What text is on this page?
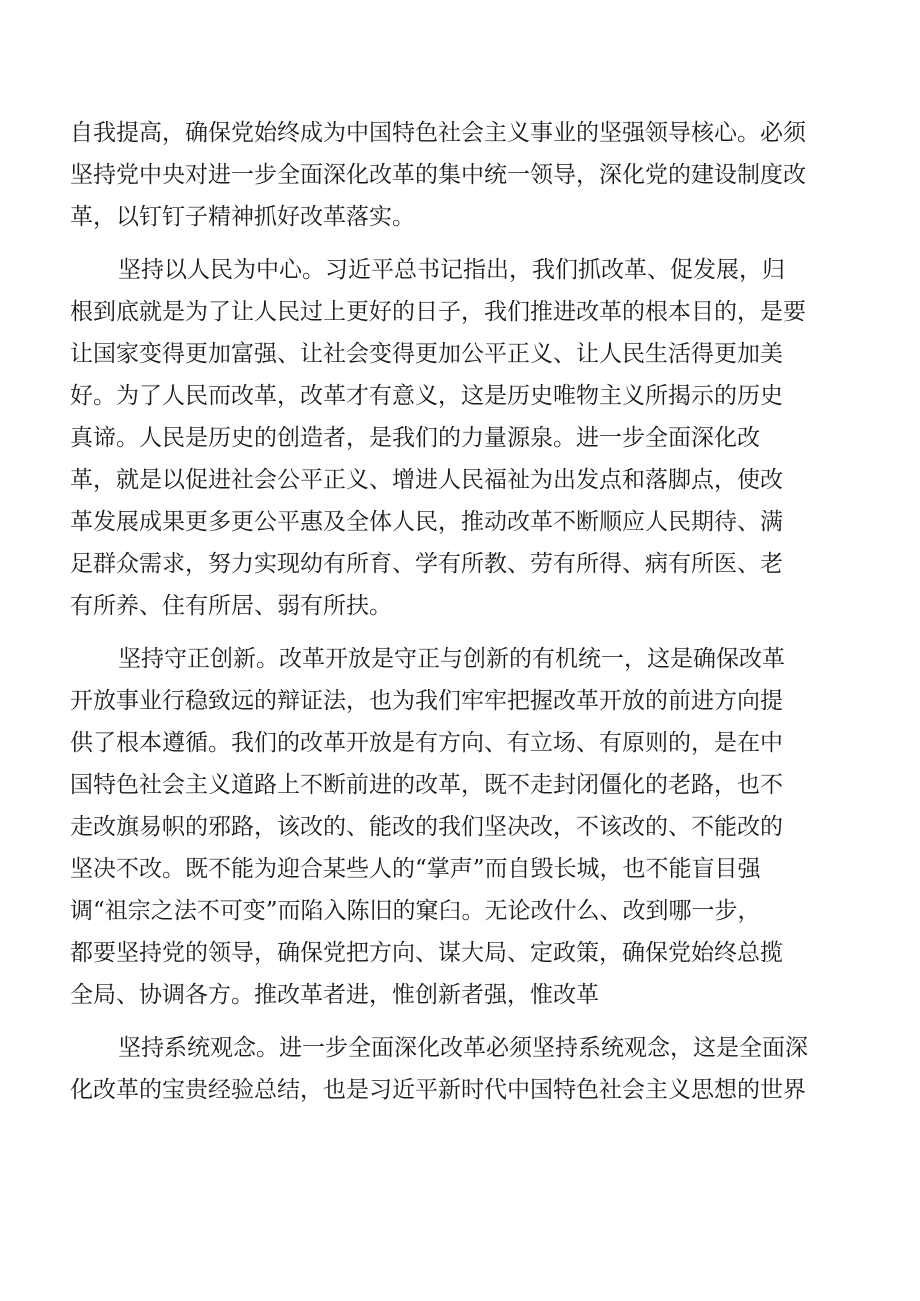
自我提高，确保党始终成为中国特色社会主义事业的坚强领导核心。必须
坚持党中央对进一步全面深化改革的集中统一领导，深化党的建设制度改
革，以钉钉子精神抓好改革落实。
坚持以人民为中心。习近平总书记指出，我们抓改革、促发展，归
根到底就是为了让人民过上更好的日子，我们推进改革的根本目的，是要
让国家变得更加富强、让社会变得更加公平正义、让人民生活得更加美
好。为了人民而改革，改革才有意义，这是历史唯物主义所揭示的历史
真谛。人民是历史的创造者，是我们的力量源泉。进一步全面深化改
革，就是以促进社会公平正义、增进人民福祉为出发点和落脚点，使改
革发展成果更多更公平惠及全体人民，推动改革不断顺应人民期待、满
足群众需求，努力实现幼有所育、学有所教、劳有所得、病有所医、老
有所养、住有所居、弱有所扶。
坚持守正创新。改革开放是守正与创新的有机统一，这是确保改革
开放事业行稳致远的辩证法，也为我们牢牢把握改革开放的前进方向提
供了根本遵循。我们的改革开放是有方向、有立场、有原则的，是在中
国特色社会主义道路上不断前进的改革，既不走封闭僵化的老路，也不
走改旗易帜的邪路，该改的、能改的我们坚决改，不该改的、不能改的
坚决不改。既不能为迎合某些人的“掌声”而自毁长城，也不能盲目强
调“祖宗之法不可变”而陷入陈旧的窠臼。无论改什么、改到哪一步，
都要坚持党的领导，确保党把方向、谋大局、定政策，确保党始终总揽
全局、协调各方。推改革者进，惟创新者强，惟改革
坚持系统观念。进一步全面深化改革必须坚持系统观念，这是全面深
化改革的宝贵经验总结，也是习近平新时代中国特色社会主义思想的世界
